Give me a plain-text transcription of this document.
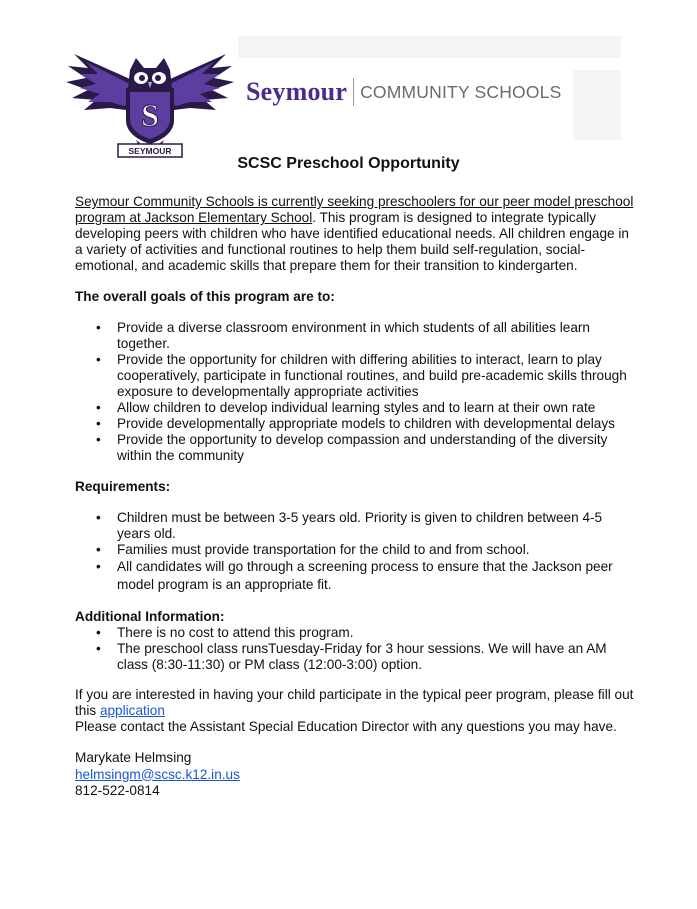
S
SEYMOUR
Seymour COMMUNITY SCHOOLS
SCSC Preschool Opportunity

Seymour Community Schools is currently seeking preschoolers for our peer model preschool program at Jackson Elementary School. This program is designed to integrate typically developing peers with children who have identified educational needs. All children engage in a variety of activities and functional routines to help them build self-regulation, social-emotional, and academic skills that prepare them for their transition to kindergarten.

The overall goals of this program are to:

• Provide a diverse classroom environment in which students of all abilities learn together.
• Provide the opportunity for children with differing abilities to interact, learn to play cooperatively, participate in functional routines, and build pre-academic skills through exposure to developmentally appropriate activities
• Allow children to develop individual learning styles and to learn at their own rate
• Provide developmentally appropriate models to children with developmental delays
• Provide the opportunity to develop compassion and understanding of the diversity within the community

Requirements:

• Children must be between 3-5 years old. Priority is given to children between 4-5 years old.
• Families must provide transportation for the child to and from school.
• All candidates will go through a screening process to ensure that the Jackson peer model program is an appropriate fit.

Additional Information:

• There is no cost to attend this program.
• The preschool class runsTuesday-Friday for 3 hour sessions. We will have an AM class (8:30-11:30) or PM class (12:00-3:00) option.

If you are interested in having your child participate in the typical peer program, please fill out this application
Please contact the Assistant Special Education Director with any questions you may have.

Marykate Helmsing
helmsingm@scsc.k12.in.us
812-522-0814
